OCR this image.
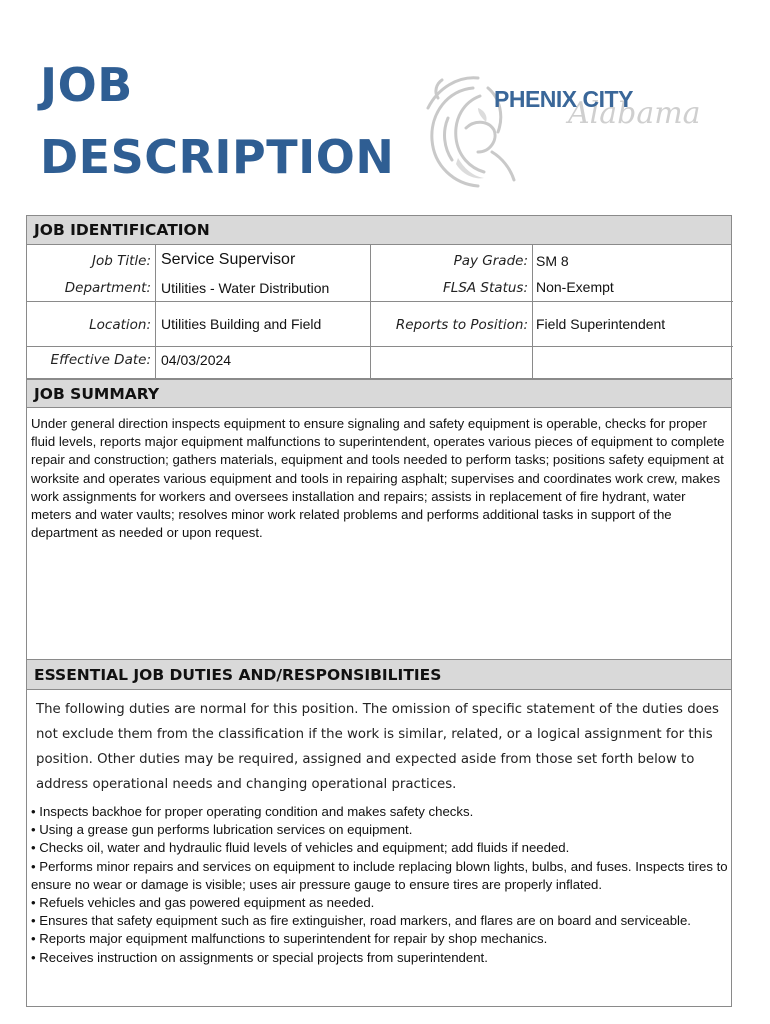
JOB
DESCRIPTION
Alabama
PHENIX CITY
JOB IDENTIFICATION
Job Title: Service Supervisor	Pay Grade: SM 8
Department: Utilities - Water Distribution	FLSA Status: Non-Exempt
Location: Utilities Building and Field	Reports to Position: Field Superintendent
Effective Date: 04/03/2024
JOB SUMMARY
Under general direction inspects equipment to ensure signaling and safety equipment is operable, checks for proper fluid levels, reports major equipment malfunctions to superintendent, operates various pieces of equipment to complete repair and construction; gathers materials, equipment and tools needed to perform tasks; positions safety equipment at worksite and operates various equipment and tools in repairing asphalt; supervises and coordinates work crew, makes work assignments for workers and oversees installation and repairs; assists in replacement of fire hydrant, water meters and water vaults; resolves minor work related problems and performs additional tasks in support of the department as needed or upon request.
ESSENTIAL JOB DUTIES AND/RESPONSIBILITIES
The following duties are normal for this position. The omission of specific statement of the duties does not exclude them from the classification if the work is similar, related, or a logical assignment for this position. Other duties may be required, assigned and expected aside from those set forth below to address operational needs and changing operational practices.
• Inspects backhoe for proper operating condition and makes safety checks.
• Using a grease gun performs lubrication services on equipment.
• Checks oil, water and hydraulic fluid levels of vehicles and equipment; add fluids if needed.
• Performs minor repairs and services on equipment to include replacing blown lights, bulbs, and fuses. Inspects tires to ensure no wear or damage is visible; uses air pressure gauge to ensure tires are properly inflated.
• Refuels vehicles and gas powered equipment as needed.
• Ensures that safety equipment such as fire extinguisher, road markers, and flares are on board and serviceable.
• Reports major equipment malfunctions to superintendent for repair by shop mechanics.
• Receives instruction on assignments or special projects from superintendent.
